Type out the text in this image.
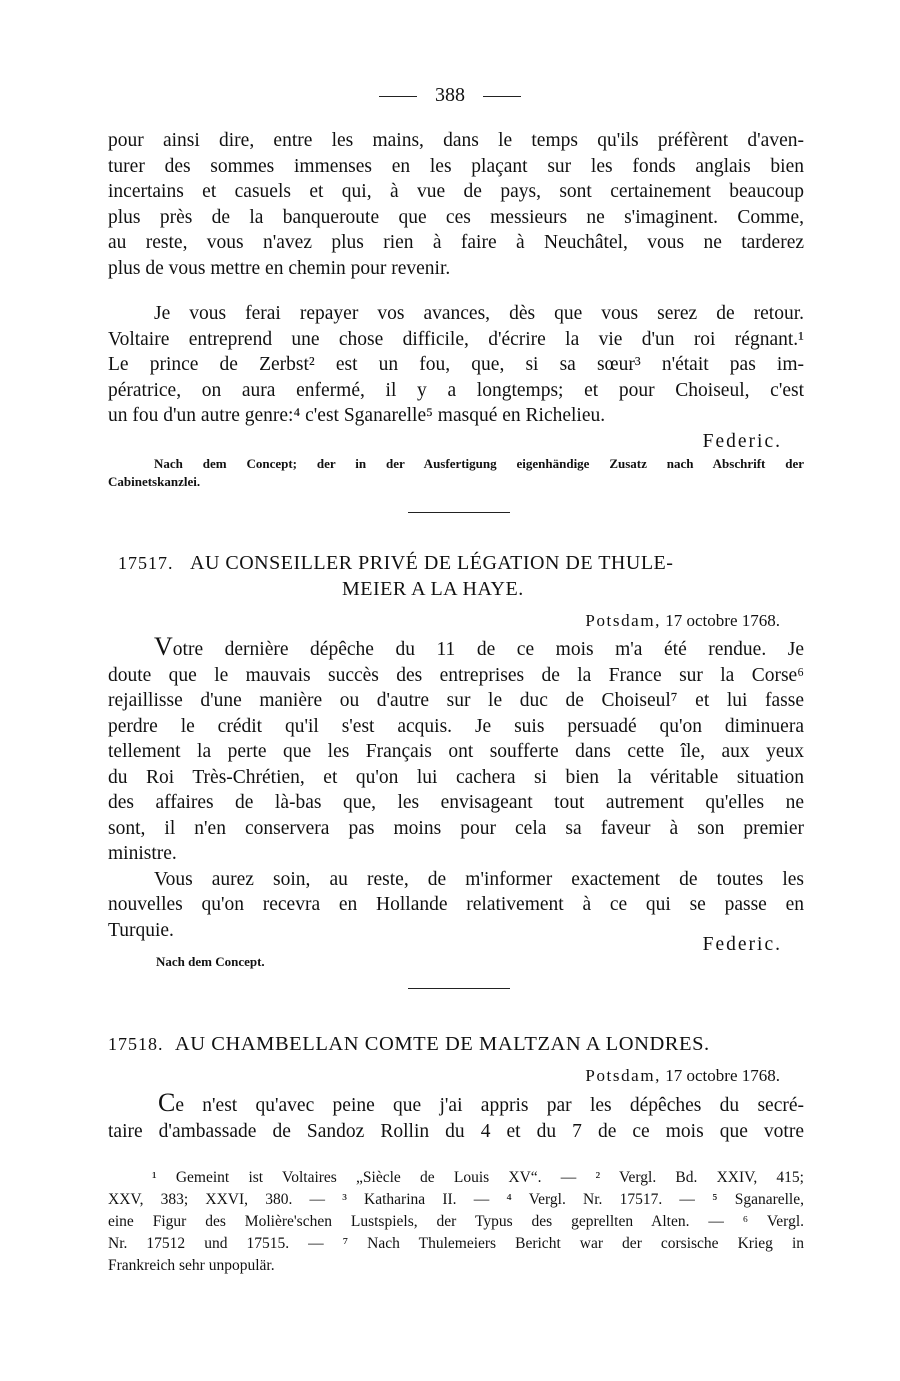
388
pour ainsi dire, entre les mains, dans le temps qu'ils préfèrent d'aven-
turer des sommes immenses en les plaçant sur les fonds anglais bien
incertains et casuels et qui, à vue de pays, sont certainement beaucoup
plus près de la banqueroute que ces messieurs ne s'imaginent. Comme,
au reste, vous n'avez plus rien à faire à Neuchâtel, vous ne tarderez
plus de vous mettre en chemin pour revenir.
Je vous ferai repayer vos avances, dès que vous serez de retour.
Voltaire entreprend une chose difficile, d'écrire la vie d'un roi régnant.¹
Le prince de Zerbst² est un fou, que, si sa sœur³ n'était pas im-
pératrice, on aura enfermé, il y a longtemps; et pour Choiseul, c'est
un fou d'un autre genre:⁴ c'est Sganarelle⁵ masqué en Richelieu.
Federic.
Nach dem Concept; der in der Ausfertigung eigenhändige Zusatz nach Abschrift der
Cabinetskanzlei.
17517. AU CONSEILLER PRIVÉ DE LÉGATION DE THULE-
MEIER A LA HAYE.
Potsdam, 17 octobre 1768.
Votre dernière dépêche du 11 de ce mois m'a été rendue. Je
doute que le mauvais succès des entreprises de la France sur la Corse⁶
rejaillisse d'une manière ou d'autre sur le duc de Choiseul⁷ et lui fasse
perdre le crédit qu'il s'est acquis. Je suis persuadé qu'on diminuera
tellement la perte que les Français ont soufferte dans cette île, aux yeux
du Roi Très-Chrétien, et qu'on lui cachera si bien la véritable situation
des affaires de là-bas que, les envisageant tout autrement qu'elles ne
sont, il n'en conservera pas moins pour cela sa faveur à son premier
ministre.
Vous aurez soin, au reste, de m'informer exactement de toutes les
nouvelles qu'on recevra en Hollande relativement à ce qui se passe en
Turquie.
Federic.
Nach dem Concept.
17518. AU CHAMBELLAN COMTE DE MALTZAN A LONDRES.
Potsdam, 17 octobre 1768.
Ce n'est qu'avec peine que j'ai appris par les dépêches du secré-
taire d'ambassade de Sandoz Rollin du 4 et du 7 de ce mois que votre
¹ Gemeint ist Voltaires „Siècle de Louis XV“. — ² Vergl. Bd. XXIV, 415;
XXV, 383; XXVI, 380. — ³ Katharina II. — ⁴ Vergl. Nr. 17517. — ⁵ Sganarelle,
eine Figur des Molière'schen Lustspiels, der Typus des geprellten Alten. — ⁶ Vergl.
Nr. 17512 und 17515. — ⁷ Nach Thulemeiers Bericht war der corsische Krieg in
Frankreich sehr unpopulär.
